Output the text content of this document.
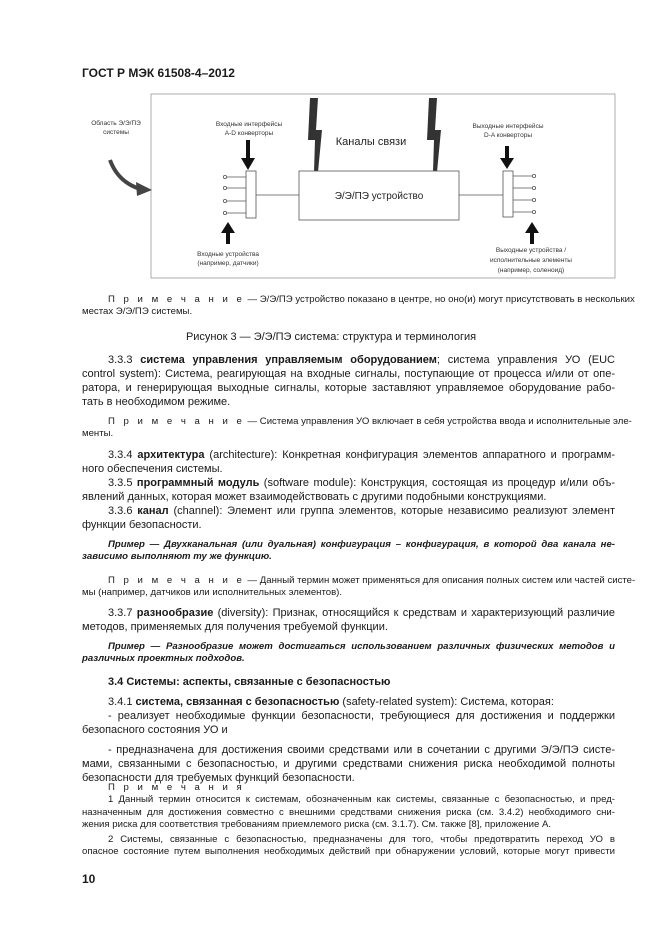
ГОСТ Р МЭК 61508-4–2012
Область Э/Э/ПЭ
системы
Входные интерфейсы
A-D конверторы
Выходные интерфейсы
D-A конверторы
Входные устройства
(например, датчики)
Выходные устройства /
исполнительные элементы
(например, соленоид)
Каналы связи
Э/Э/ПЭ устройство
П р и м е ч а н и е — Э/Э/ПЭ устройство показано в центре, но оно(и) могут присутствовать в нескольких
местах Э/Э/ПЭ системы.
Рисунок 3 — Э/Э/ПЭ система: структура и терминология
3.3.3 система управления управляемым оборудованием; система управления УО (EUC
control system): Система, реагирующая на входные сигналы, поступающие от процесса и/или от опе-
ратора, и генерирующая выходные сигналы, которые заставляют управляемое оборудование рабо-
тать в необходимом режиме.
П р и м е ч а н и е — Система управления УО включает в себя устройства ввода и исполнительные эле-
менты.
3.3.4 архитектура (architecture): Конкретная конфигурация элементов аппаратного и программ-
ного обеспечения системы.
3.3.5 программный модуль (software module): Конструкция, состоящая из процедур и/или объ-
явлений данных, которая может взаимодействовать с другими подобными конструкциями.
3.3.6 канал (channel): Элемент или группа элементов, которые независимо реализуют элемент
функции безопасности.
Пример — Двухканальная (или дуальная) конфигурация – конфигурация, в которой два канала не-
зависимо выполняют ту же функцию.
П р и м е ч а н и е — Данный термин может применяться для описания полных систем или частей систе-
мы (например, датчиков или исполнительных элементов).
3.3.7 разнообразие (diversity): Признак, относящийся к средствам и характеризующий различие
методов, применяемых для получения требуемой функции.
Пример — Разнообразие может достигаться использованием различных физических методов и
различных проектных подходов.
3.4 Системы: аспекты, связанные с безопасностью
3.4.1 система, связанная с безопасностью (safety-related system): Система, которая:
- реализует необходимые функции безопасности, требующиеся для достижения и поддержки
безопасного состояния УО и
- предназначена для достижения своими средствами или в сочетании с другими Э/Э/ПЭ систе-
мами, связанными с безопасностью, и другими средствами снижения риска необходимой полноты
безопасности для требуемых функций безопасности.
П р и м е ч а н и я
1 Данный термин относится к системам, обозначенным как системы, связанные с безопасностью, и пред-
назначенным для достижения совместно с внешними средствами снижения риска (см. 3.4.2) необходимого сни-
жения риска для соответствия требованиям приемлемого риска (см. 3.1.7). См. также [8], приложение А.
2 Системы, связанные с безопасностью, предназначены для того, чтобы предотвратить переход УО в
опасное состояние путем выполнения необходимых действий при обнаружении условий, которые могут привести
10
